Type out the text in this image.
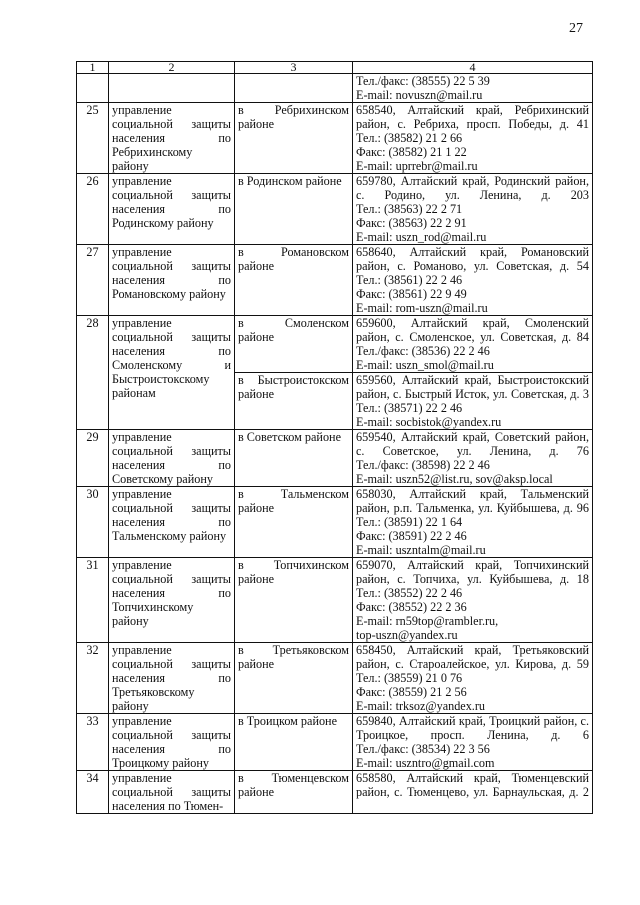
27
1	2	3	4

			Тел./факс: (38555) 22 5 39
E-mail: novuszn@mail.ru

25	управление социальной защиты населения по Ребрихинскому району	в Ребрихинском районе	658540, Алтайский край, Ребрихинский район, с. Ребриха, просп. Победы, д. 41
Тел.: (38582) 21 2 66
Факс: (38582) 21 1 22
E-mail: uprrebr@mail.ru

26	управление социальной защиты населения по Родинскому району	в Родинском районе	659780, Алтайский край, Родинский район, с. Родино, ул. Ленина, д. 203
Тел.: (38563) 22 2 71
Факс: (38563) 22 2 91
E-mail: uszn_rod@mail.ru

27	управление социальной защиты населения по Романовскому району	в Романовском районе	658640, Алтайский край, Романовский район, с. Романово, ул. Советская, д. 54
Тел.: (38561) 22 2 46
Факс: (38561) 22 9 49
E-mail: rom-uszn@mail.ru

28	управление социальной защиты населения по Смоленскому и Быстроистокскому районам	в Смоленском районе	659600, Алтайский край, Смоленский район, с. Смоленское, ул. Советская, д. 84
Тел./факс: (38536) 22 2 46
E-mail: uszn_smol@mail.ru

		в Быстроистокском районе	659560, Алтайский край, Быстроистокский район, с. Быстрый Исток, ул. Советская, д. 3
Тел.: (38571) 22 2 46
E-mail: socbistok@yandex.ru

29	управление социальной защиты населения по Советскому району	в Советском районе	659540, Алтайский край, Советский район, с. Советское, ул. Ленина, д. 76
Тел./факс: (38598) 22 2 46
E-mail: uszn52@list.ru, sov@aksp.local

30	управление социальной защиты населения по Тальменскому району	в Тальменском районе	658030, Алтайский край, Тальменский район, р.п. Тальменка, ул. Куйбышева, д. 96
Тел.: (38591) 22 1 64
Факс: (38591) 22 2 46
E-mail: uszntalm@mail.ru

31	управление социальной защиты населения по Топчихинскому району	в Топчихинском районе	659070, Алтайский край, Топчихинский район, с. Топчиха, ул. Куйбышева, д. 18
Тел.: (38552) 22 2 46
Факс: (38552) 22 2 36
E-mail: rn59top@rambler.ru,
top-uszn@yandex.ru

32	управление социальной защиты населения по Третьяковскому району	в Третьяковском районе	658450, Алтайский край, Третьяковский район, с. Староалейское, ул. Кирова, д. 59
Тел.: (38559) 21 0 76
Факс: (38559) 21 2 56
E-mail: trksoz@yandex.ru

33	управление социальной защиты населения по Троицкому району	в Троицком районе	659840, Алтайский край, Троицкий район, с. Троицкое, просп. Ленина, д. 6
Тел./факс: (38534) 22 3 56
E-mail: uszntro@gmail.com

34	управление социальной защиты населения по Тюмен-	в Тюменцевском районе	658580, Алтайский край, Тюменцевский район, с. Тюменцево, ул. Барнаульская, д. 2
